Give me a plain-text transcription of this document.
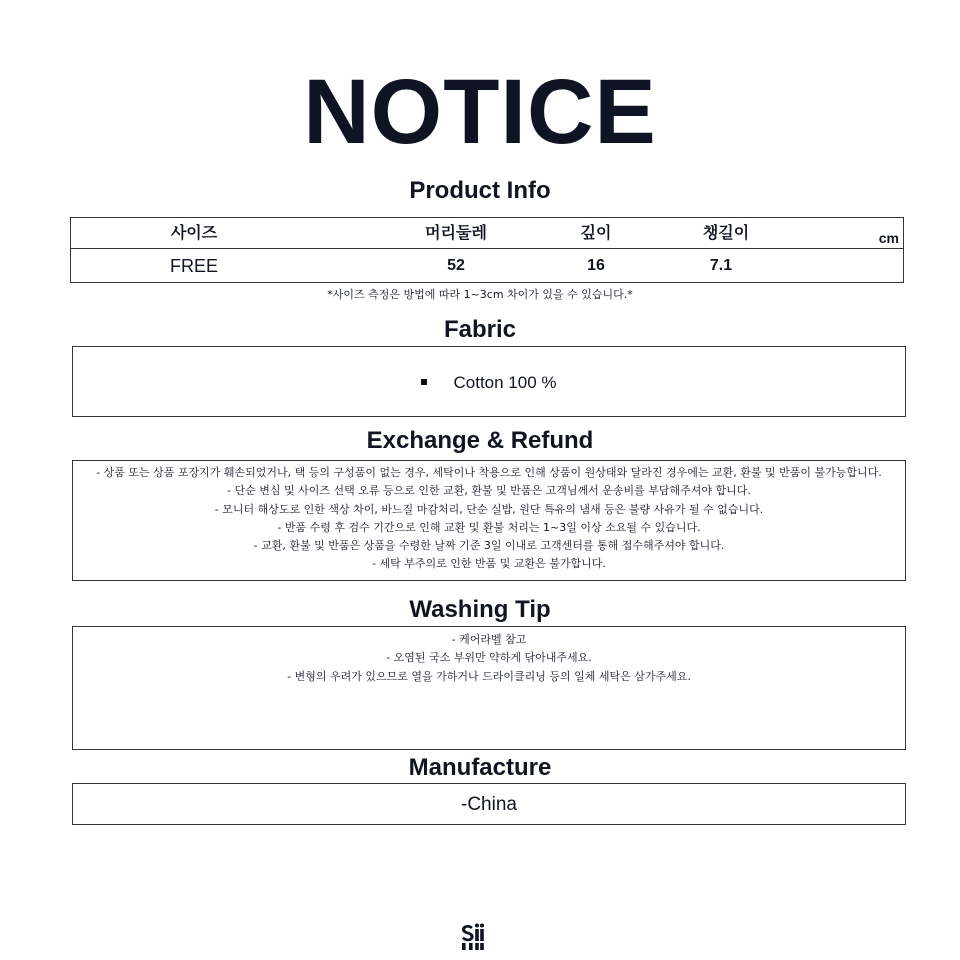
NOTICE
Product Info
사이즈	머리둘레	깊이	챙길이	cm
FREE	52	16	7.1
*사이즈 측정은 방법에 따라 1~3cm 차이가 있을 수 있습니다.*
Fabric
Cotton 100 %
Exchange & Refund
- 상품 또는 상품 포장지가 훼손되었거나, 택 등의 구성품이 없는 경우, 세탁이나 착용으로 인해 상품이 원상태와 달라진 경우에는 교환, 환불 및 반품이 불가능합니다.
- 단순 변심 및 사이즈 선택 오류 등으로 인한 교환, 환불 및 반품은 고객님께서 운송비를 부담해주셔야 합니다.
- 모니터 해상도로 인한 색상 차이, 바느질 마감처리, 단순 실밥, 원단 특유의 냄새 등은 불량 사유가 될 수 없습니다.
- 반품 수령 후 검수 기간으로 인해 교환 및 환불 처리는 1~3일 이상 소요될 수 있습니다.
- 교환, 환불 및 반품은 상품을 수령한 날짜 기준 3일 이내로 고객센터를 통해 접수해주셔야 합니다.
- 세탁 부주의로 인한 반품 및 교환은 불가합니다.
Washing Tip
- 케어라벨 참고
- 오염된 국소 부위만 약하게 닦아내주세요.
- 변형의 우려가 있으므로 열을 가하거나 드라이클리닝 등의 일체 세탁은 삼가주세요.
Manufacture
-China
